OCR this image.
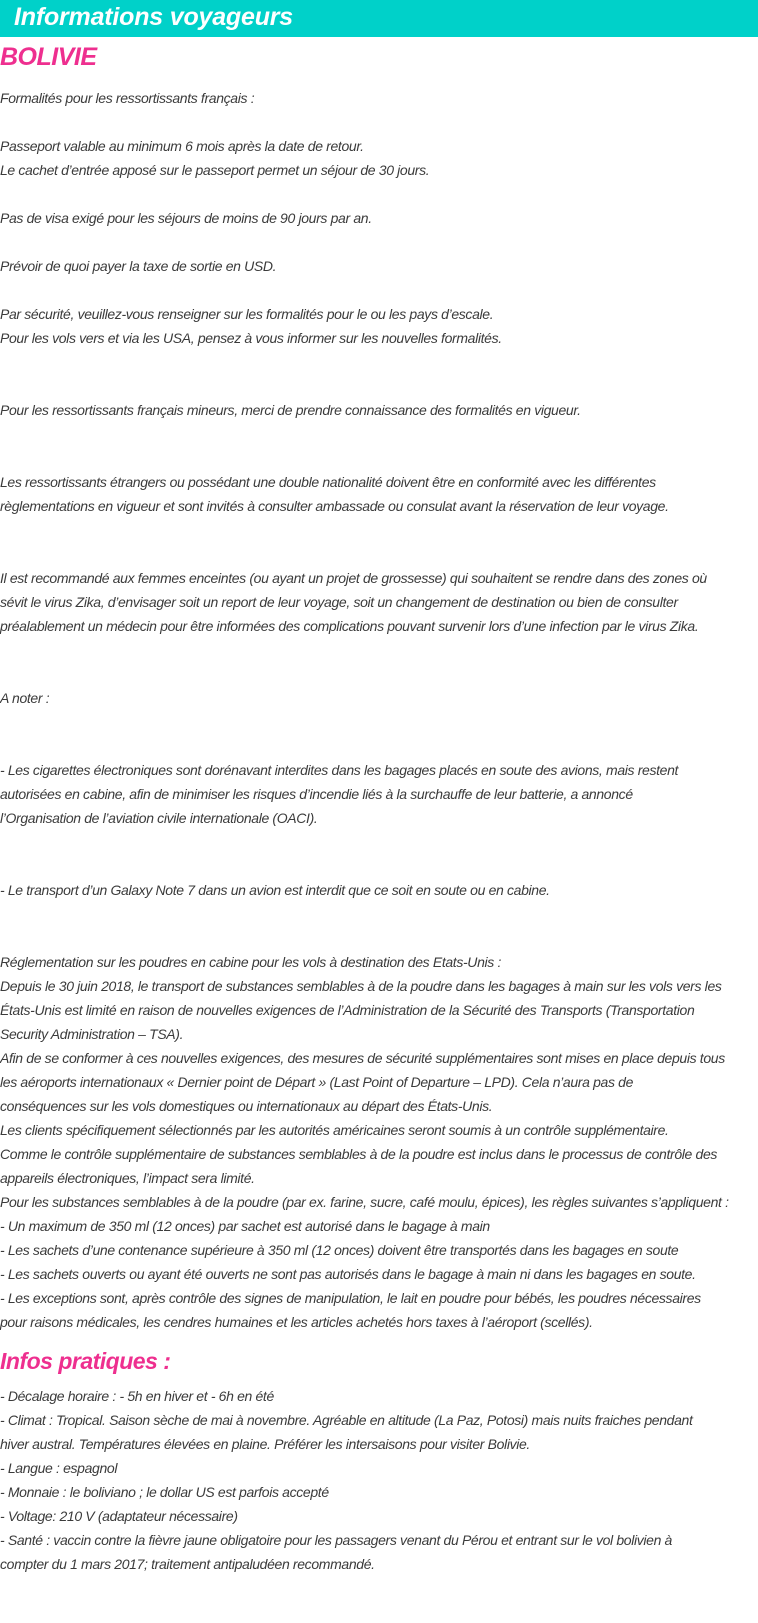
Informations voyageurs
BOLIVIE

Formalités pour les ressortissants français :

Passeport valable au minimum 6 mois après la date de retour.

Le cachet d’entrée apposé sur le passeport permet un séjour de 30 jours.

Pas de visa exigé pour les séjours de moins de 90 jours par an.

Prévoir de quoi payer la taxe de sortie en USD.

Par sécurité, veuillez-vous renseigner sur les formalités pour le ou les pays d’escale.

Pour les vols vers et via les USA, pensez à vous informer sur les nouvelles formalités.

Pour les ressortissants français mineurs, merci de prendre connaissance des formalités en vigueur.

Les ressortissants étrangers ou possédant une double nationalité doivent être en conformité avec les différentes

règlementations en vigueur et sont invités à consulter ambassade ou consulat avant la réservation de leur voyage.

Il est recommandé aux femmes enceintes (ou ayant un projet de grossesse) qui souhaitent se rendre dans des zones où

sévit le virus Zika, d’envisager soit un report de leur voyage, soit un changement de destination ou bien de consulter

préalablement un médecin pour être informées des complications pouvant survenir lors d’une infection par le virus Zika.

A noter :

- Les cigarettes électroniques sont dorénavant interdites dans les bagages placés en soute des avions, mais restent

autorisées en cabine, afin de minimiser les risques d’incendie liés à la surchauffe de leur batterie, a annoncé

l’Organisation de l’aviation civile internationale (OACI).

- Le transport d’un Galaxy Note 7 dans un avion est interdit que ce soit en soute ou en cabine.

Réglementation sur les poudres en cabine pour les vols à destination des Etats-Unis :

Depuis le 30 juin 2018, le transport de substances semblables à de la poudre dans les bagages à main sur les vols vers les

États-Unis est limité en raison de nouvelles exigences de l’Administration de la Sécurité des Transports (Transportation

Security Administration – TSA).

Afin de se conformer à ces nouvelles exigences, des mesures de sécurité supplémentaires sont mises en place depuis tous

les aéroports internationaux « Dernier point de Départ » (Last Point of Departure – LPD). Cela n’aura pas de

conséquences sur les vols domestiques ou internationaux au départ des États-Unis.

Les clients spécifiquement sélectionnés par les autorités américaines seront soumis à un contrôle supplémentaire.

Comme le contrôle supplémentaire de substances semblables à de la poudre est inclus dans le processus de contrôle des

appareils électroniques, l’impact sera limité.

Pour les substances semblables à de la poudre (par ex. farine, sucre, café moulu, épices), les règles suivantes s’appliquent :

- Un maximum de 350 ml (12 onces) par sachet est autorisé dans le bagage à main

- Les sachets d’une contenance supérieure à 350 ml (12 onces) doivent être transportés dans les bagages en soute

- Les sachets ouverts ou ayant été ouverts ne sont pas autorisés dans le bagage à main ni dans les bagages en soute.

- Les exceptions sont, après contrôle des signes de manipulation, le lait en poudre pour bébés, les poudres nécessaires

pour raisons médicales, les cendres humaines et les articles achetés hors taxes à l’aéroport (scellés).

Infos pratiques :

- Décalage horaire : - 5h en hiver et - 6h en été

- Climat : Tropical. Saison sèche de mai à novembre. Agréable en altitude (La Paz, Potosi) mais nuits fraiches pendant

hiver austral. Températures élevées en plaine. Préférer les intersaisons pour visiter Bolivie.

- Langue : espagnol

- Monnaie : le boliviano ; le dollar US est parfois accepté

- Voltage: 210 V (adaptateur nécessaire)

- Santé : vaccin contre la fièvre jaune obligatoire pour les passagers venant du Pérou et entrant sur le vol bolivien à

compter du 1 mars 2017; traitement antipaludéen recommandé.
